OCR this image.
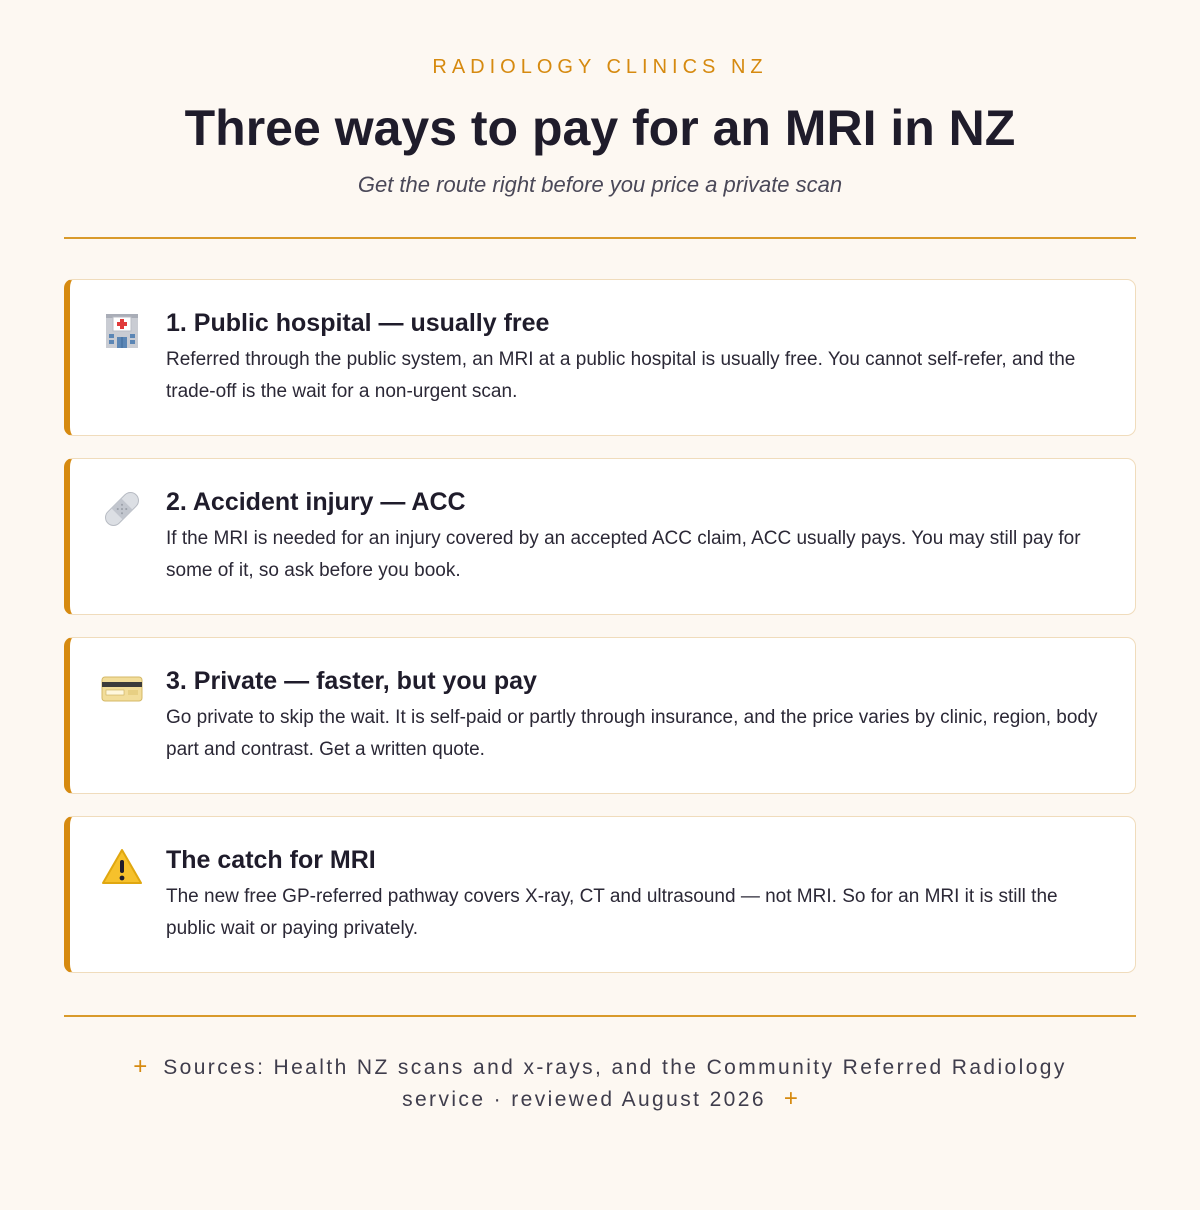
RADIOLOGY CLINICS NZ
Three ways to pay for an MRI in NZ
Get the route right before you price a private scan
1. Public hospital — usually free

Referred through the public system, an MRI at a public hospital is usually free. You cannot self-refer, and the trade-off is the wait for a non-urgent scan.

2. Accident injury — ACC

If the MRI is needed for an injury covered by an accepted ACC claim, ACC usually pays. You may still pay for some of it, so ask before you book.

3. Private — faster, but you pay

Go private to skip the wait. It is self-paid or partly through insurance, and the price varies by clinic, region, body part and contrast. Get a written quote.

The catch for MRI

The new free GP-referred pathway covers X-ray, CT and ultrasound — not MRI. So for an MRI it is still the public wait or paying privately.

+ Sources: Health NZ scans and x-rays, and the Community Referred Radiology service · reviewed August 2026 +
